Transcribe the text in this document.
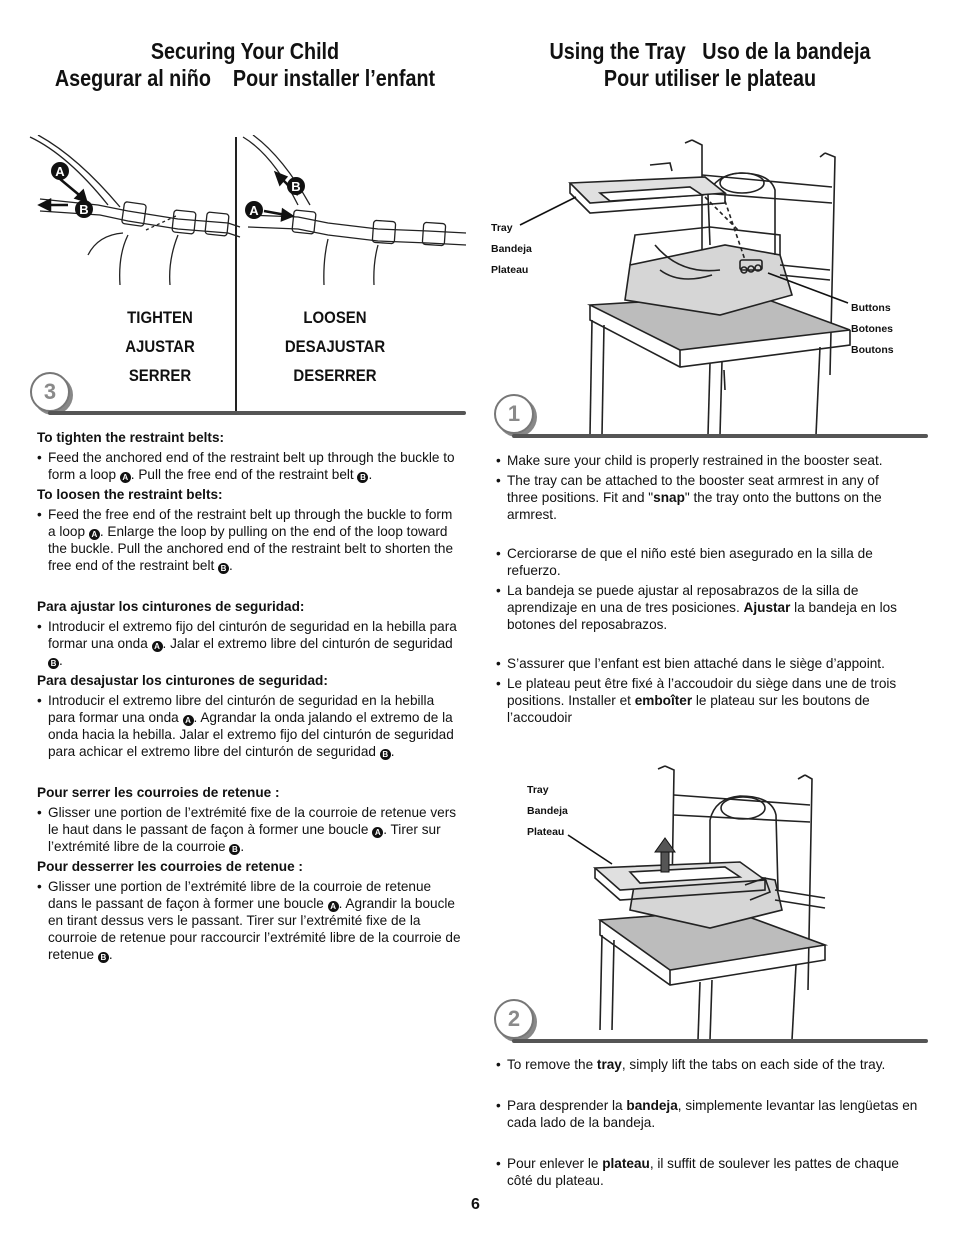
Securing Your Child
Asegurar al niño    Pour installer l’enfant
Using the Tray   Uso de la bandeja
Pour utiliser le plateau
A
B
B
A
TIGHTEN
AJUSTAR
SERRER
LOOSEN
DESAJUSTAR
DESERRER
3

To tighten the restraint belts:

• Feed the anchored end of the restraint belt up through the buckle to form a loop A . Pull the free end of the restraint belt B .

To loosen the restraint belts:

• Feed the free end of the restraint belt up through the buckle to form a loop A . Enlarge the loop by pulling on the end of the loop toward the buckle. Pull the anchored end of the restraint belt to shorten the free end of the restraint belt B .

Para ajustar los cinturones de seguridad:

• Introducir el extremo fijo del cinturón de seguridad en la hebilla para formar una onda A . Jalar el extremo libre del cinturón de seguridad B .

Para desajustar los cinturones de seguridad:

• Introducir el extremo libre del cinturón de seguridad en la hebilla para formar una onda A . Agrandar la onda jalando el extremo de la onda hacia la hebilla. Jalar el extremo fijo del cinturón de seguridad para achicar el extremo libre del cinturón de seguridad B .

Pour serrer les courroies de retenue :

• Glisser une portion de l’extrémité fixe de la courroie de retenue vers le haut dans le passant de façon à former une boucle A . Tirer sur l’extrémité libre de la courroie B .

Pour desserrer les courroies de retenue :

• Glisser une portion de l’extrémité libre de la courroie de retenue dans le passant de façon à former une boucle A . Agrandir la boucle en tirant dessus vers le passant. Tirer sur l’extrémité fixe de la courroie de retenue pour raccourcir l’extrémité libre de la courroie de retenue B .

Tray
Bandeja
Plateau
Buttons
Botones
Boutons
1

• Make sure your child is properly restrained in the booster seat.

• The tray can be attached to the booster seat armrest in any of three positions. Fit and "snap" the tray onto the buttons on the armrest.

• Cerciorarse de que el niño esté bien asegurado en la silla de refuerzo.

• La bandeja se puede ajustar al reposabrazos de la silla de aprendizaje en una de tres posiciones. Ajustar la bandeja en los botones del reposabrazos.

• S’assurer que l’enfant est bien attaché dans le siège d’appoint.

• Le plateau peut être fixé à l’accoudoir du siège dans une de trois positions. Installer et emboîter le plateau sur les boutons de l’accoudoir

Tray
Bandeja
Plateau
2

• To remove the tray, simply lift the tabs on each side of the tray.

• Para desprender la bandeja, simplemente levantar las lengüetas en cada lado de la bandeja.

• Pour enlever le plateau, il suffit de soulever les pattes de chaque côté du plateau.

6
